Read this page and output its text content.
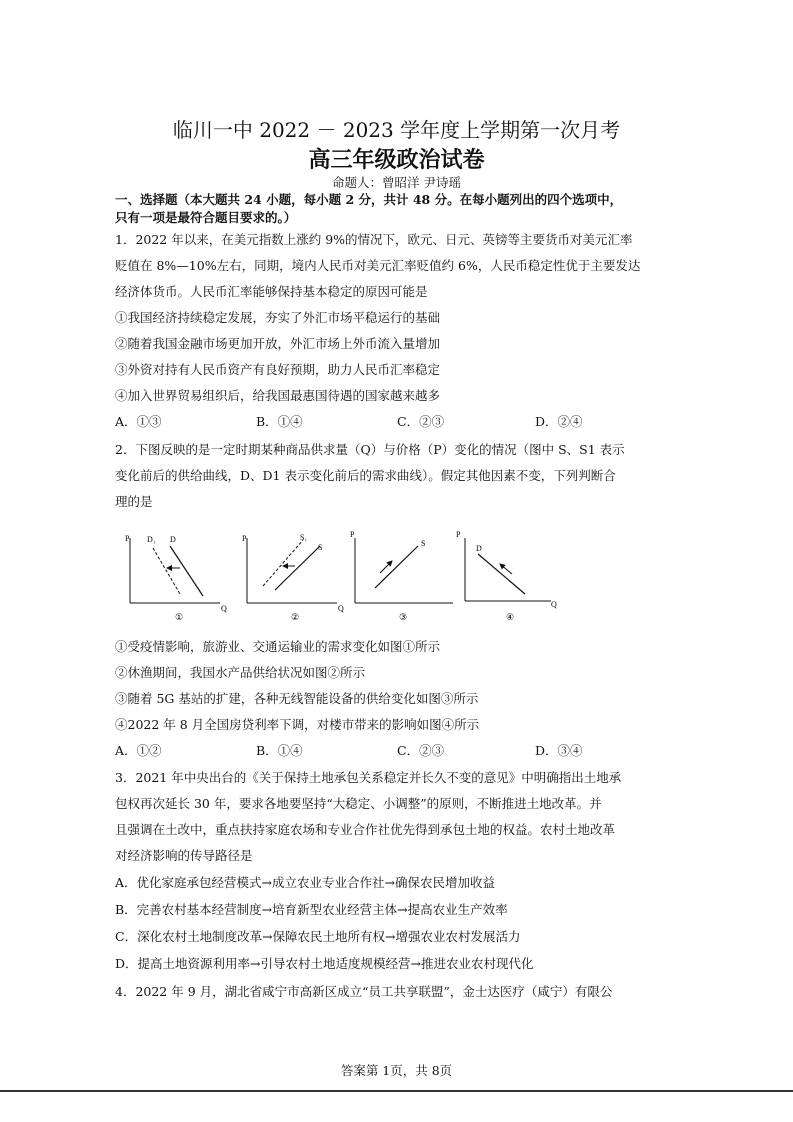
临川一中 2022 － 2023 学年度上学期第一次月考
高三年级政治试卷
命题人：曾昭洋 尹诗瑶
一、选择题（本大题共 24 小题，每小题 2 分，共计 48 分。在每小题列出的四个选项中，
只有一项是最符合题目要求的。）
1．2022 年以来，在美元指数上涨约 9%的情况下，欧元、日元、英镑等主要货币对美元汇率
贬值在 8%—10%左右，同期，境内人民币对美元汇率贬值约 6%，人民币稳定性优于主要发达
经济体货币。人民币汇率能够保持基本稳定的原因可能是
①我国经济持续稳定发展，夯实了外汇市场平稳运行的基础
②随着我国金融市场更加开放，外汇市场上外币流入量增加
③外资对持有人民币资产有良好预期，助力人民币汇率稳定
④加入世界贸易组织后，给我国最惠国待遇的国家越来越多
A．①③	B．①④	C．②③	D．②④
2．下图反映的是一定时期某种商品供求量（Q）与价格（P）变化的情况（图中 S、S1 表示
变化前后的供给曲线，D、D1 表示变化前后的需求曲线）。假定其他因素不变，下列判断合
理的是
P
Q
D₁ D
①
P
Q
S₁
S
②
P
S
③
P
Q
D
④
①受疫情影响，旅游业、交通运输业的需求变化如图①所示
②休渔期间，我国水产品供给状况如图②所示
③随着 5G 基站的扩建，各种无线智能设备的供给变化如图③所示
④2022 年 8 月全国房贷利率下调，对楼市带来的影响如图④所示
A．①②	B．①④	C．②③	D．③④
3．2021 年中央出台的《关于保持土地承包关系稳定并长久不变的意见》中明确指出土地承
包权再次延长 30 年，要求各地要坚持“大稳定、小调整”的原则，不断推进土地改革。并
且强调在土改中，重点扶持家庭农场和专业合作社优先得到承包土地的权益。农村土地改革
对经济影响的传导路径是
A．优化家庭承包经营模式→成立农业专业合作社→确保农民增加收益
B．完善农村基本经营制度→培育新型农业经营主体→提高农业生产效率
C．深化农村土地制度改革→保障农民土地所有权→增强农业农村发展活力
D．提高土地资源利用率→引导农村土地适度规模经营→推进农业农村现代化
4．2022 年 9 月，湖北省咸宁市高新区成立“员工共享联盟”，金士达医疗（咸宁）有限公
答案第 1页，共 8页
